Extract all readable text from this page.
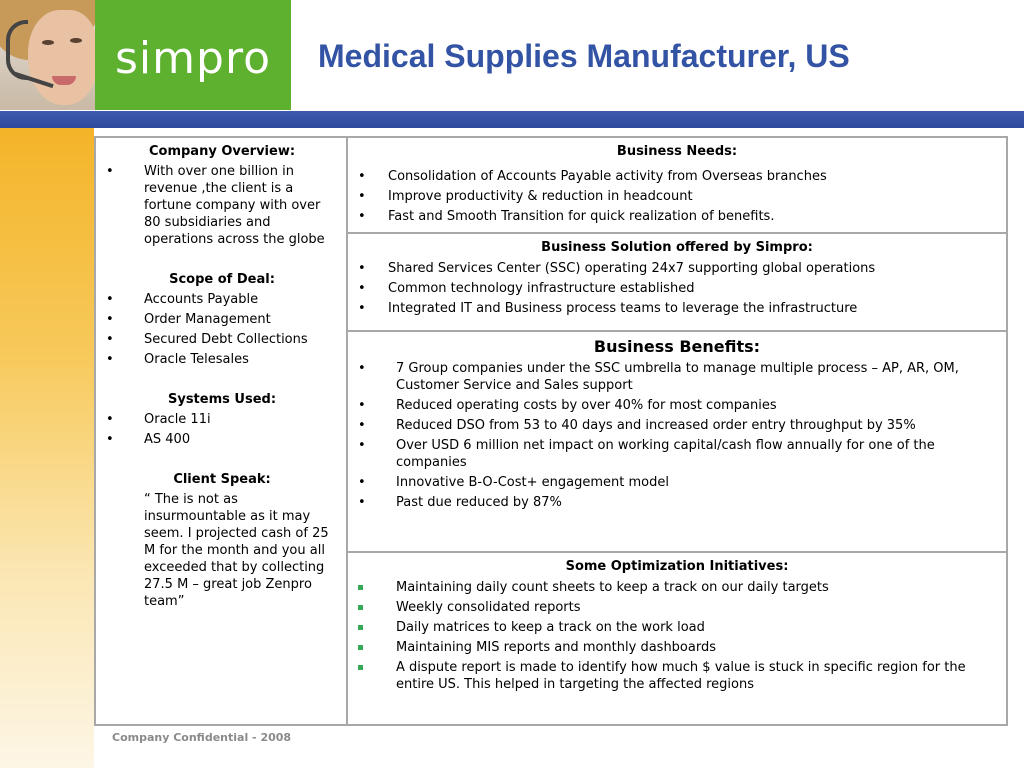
simpro Medical Supplies Manufacturer, US
Company Overview:
• With over one billion in revenue ,the client is a fortune company with over 80 subsidiaries and operations across the globe
Scope of Deal:
• Accounts Payable
• Order Management
• Secured Debt Collections
• Oracle Telesales
Systems Used:
• Oracle 11i
• AS 400
Client Speak:
“ The is not as insurmountable as it may seem. I projected cash of 25 M for the month and you all exceeded that by collecting 27.5 M – great job Zenpro team”
Business Needs:
• Consolidation of Accounts Payable activity from Overseas branches
• Improve productivity & reduction in headcount
• Fast and Smooth Transition for quick realization of benefits.
Business Solution offered by Simpro:
• Shared Services Center (SSC) operating 24x7 supporting global operations
• Common technology infrastructure established
• Integrated IT and Business process teams to leverage the infrastructure
Business Benefits:
• 7 Group companies under the SSC umbrella to manage multiple process – AP, AR, OM, Customer Service and Sales support
• Reduced operating costs by over 40% for most companies
• Reduced DSO from 53 to 40 days and increased order entry throughput by 35%
• Over USD 6 million net impact on working capital/cash flow annually for one of the companies
• Innovative B-O-Cost+ engagement model
• Past due reduced by 87%
Some Optimization Initiatives:
Maintaining daily count sheets to keep a track on our daily targets
Weekly consolidated reports
Daily matrices to keep a track on the work load
Maintaining MIS reports and monthly dashboards
A dispute report is made to identify how much $ value is stuck in specific region for the entire US. This helped in targeting the affected regions
Company Confidential - 2008
